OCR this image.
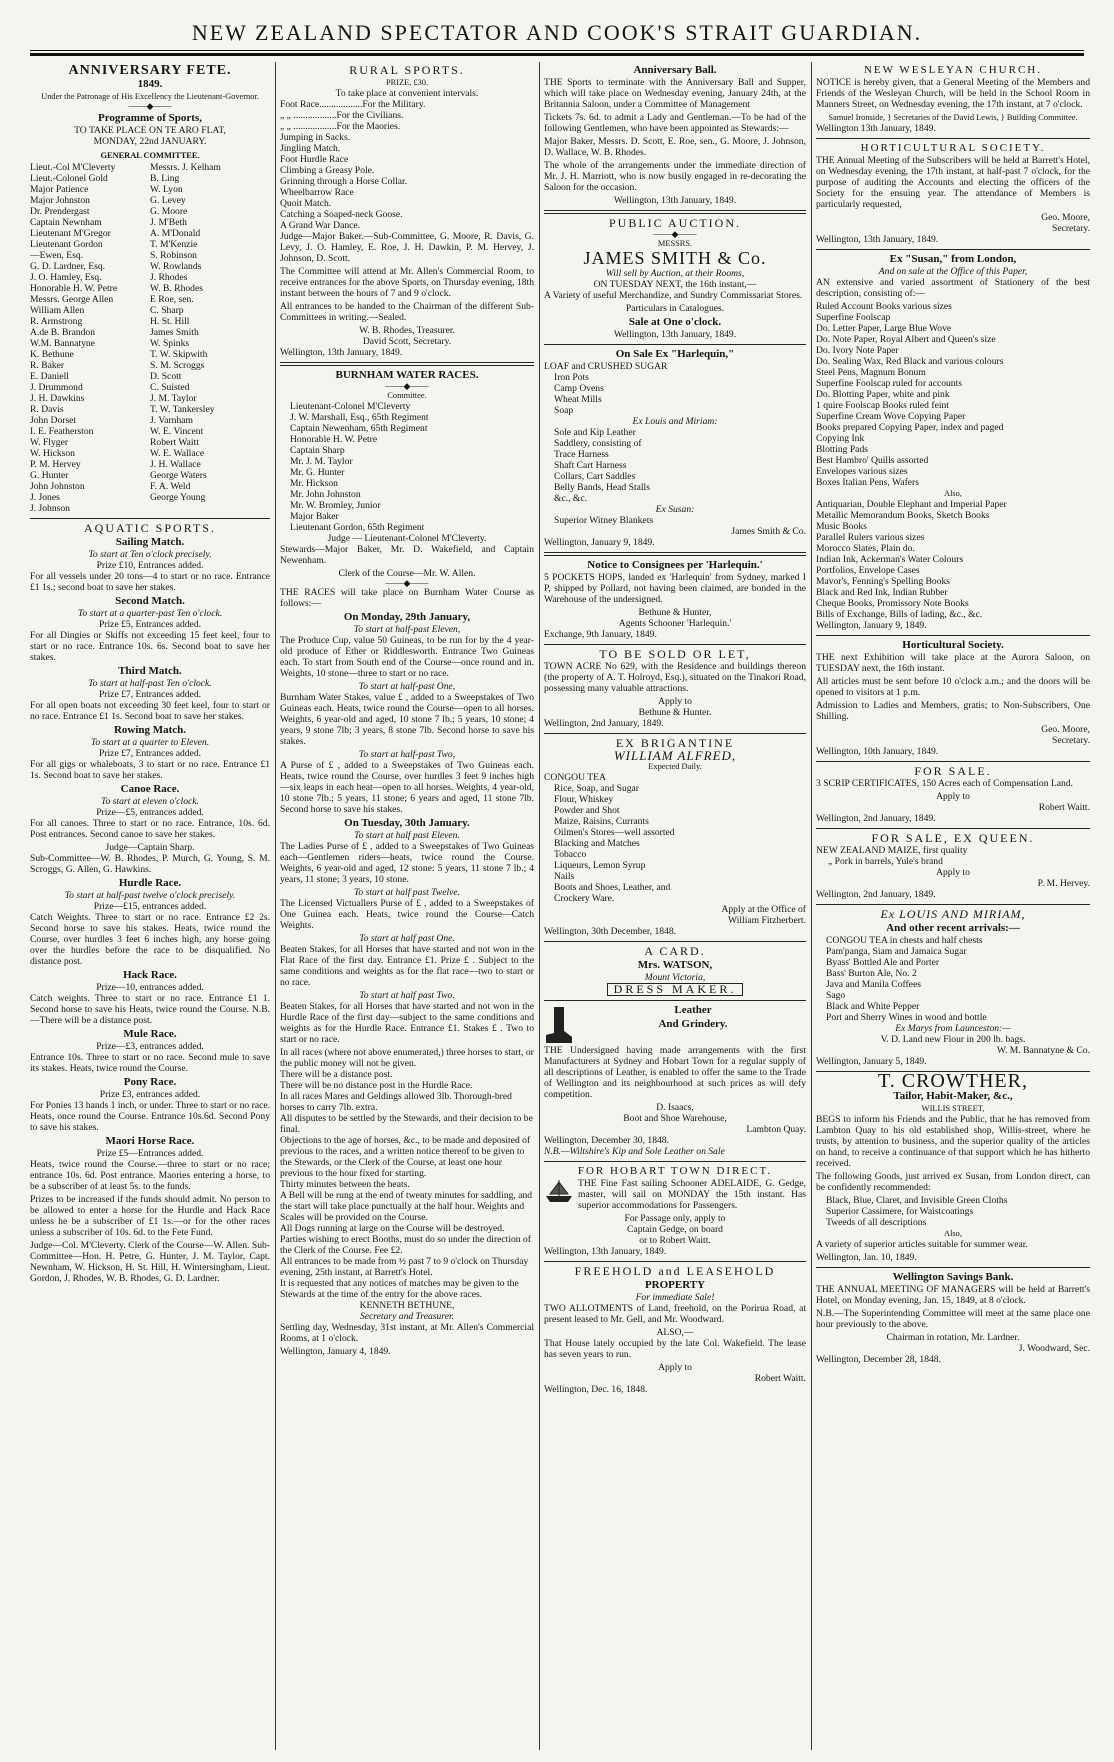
NEW ZEALAND SPECTATOR AND COOK'S STRAIT GUARDIAN.
ANNIVERSARY FETE.
1849.
Under the Patronage of His Excellency the Lieutenant-Governor.
——◆——
Programme of Sports,
TO TAKE PLACE ON TE ARO FLAT,
MONDAY, 22nd JANUARY.
GENERAL COMMITTEE.
Lieut.-Col M'Cleverty
Lieut.-Colonel Gold
Major Patience
Major Johnston
Dr. Prendergast
Captain Newnham
Lieutenant M'Gregor
Lieutenant Gordon
—Ewen, Esq.
G. D. Lardner, Esq.
J. O. Hamley, Esq.
Honorable H. W. Petre
Messrs. George Allen
William Allen
R. Armstrong
A.de B. Brandon
W.M. Bannatyne
K. Bethune
R. Baker
E. Daniell
J. Drummond
J. H. Dawkins
R. Davis
John Dorset
I. E. Featherston
W. Flyger
W. Hickson
P. M. Hervey
G. Hunter
John Johnston
J. Jones
J. Johnson
Messrs. J. Kelham
B. Ling
W. Lyon
G. Levey
G. Moore
J. M'Beth
A. M'Donald
T. M'Kenzie
S. Robinson
W. Rowlands
J. Rhodes
W. B. Rhodes
E Roe, sen.
C. Sharp
H. St. Hill
James Smith
W. Spinks
T. W. Skipwith
S. M. Scroggs
D. Scott
C. Suisted
J. M. Taylor
T. W. Tankersley
J. Varnham
W. E. Vincent
Robert Waitt
W. E. Wallace
J. H. Wallace
George Waters
F. A. Weld
George Young
AQUATIC SPORTS.
Sailing Match.
To start at Ten o'clock precisely.
Prize £10, Entrances added.

For all vessels under 20 tons—4 to start or no race. Entrance £1 1s.; second boat to save her stakes.

Second Match.
To start at a quarter-past Ten o'clock.
Prize £5, Entrances added.

For all Dingies or Skiffs not exceeding 15 feet keel, four to start or no race. Entrance 10s. 6s. Second boat to save her stakes.

Third Match.
To start at half-past Ten o'clock.
Prize £7, Entrances added.

For all open boats not exceeding 30 feet keel, four to start or no race. Entrance £1 1s. Second boat to save her stakes.

Rowing Match.
To start at a quarter to Eleven.
Prize £7, Entrances added.

For all gigs or whaleboats, 3 to start or no race. Entrance £1 1s. Second boat to save her stakes.

Canoe Race.
To start at eleven o'clock.
Prize—£5, entrances added.

For all canoes. Three to start or no race. Entrance, 10s. 6d. Post entrances. Second canoe to save her stakes.

Judge—Captain Sharp.

Sub-Committee—W. B. Rhodes, P. Murch, G. Young, S. M. Scroggs, G. Allen, G. Hawkins.

Hurdle Race.
To start at half-past twelve o'clock precisely.
Prize—£15, entrances added.

Catch Weights. Three to start or no race. Entrance £2 2s. Second horse to save his stakes. Heats, twice round the Course, over hurdles 3 feet 6 inches high, any horse going over the hurdles before the race to be disqualified. No distance post.

Hack Race.
Prize—10, entrances added.

Catch weights. Three to start or no race. Entrance £1 1. Second horse to save his Heats, twice round the Course. N.B.—There will be a distance post.

Mule Race.
Prize—£3, entrances added.

Entrance 10s. Three to start or no race. Second mule to save its stakes. Heats, twice round the Course.

Pony Race.
Prize £3, entrances added.

For Ponies 13 hands 1 inch, or under. Three to start or no race. Heats, once round the Course. Entrance 10s.6d. Second Pony to save his stakes.

Maori Horse Race.
Prize £5—Entrances added.

Heats, twice round the Course.—three to start or no race; entrance 10s. 6d. Post entrance. Maories entering a horse, to be a subscriber of at least 5s. to the funds.

Prizes to be increased if the funds should admit. No person to be allowed to enter a horse for the Hurdle and Hack Race unless he be a subscriber of £1 1s.—or for the other races unless a subscriber of 10s. 6d. to the Fete Fund.

Judge—Col. M'Cleverty. Clerk of the Course—W. Allen. Sub-Committee—Hon. H. Petre, G. Hunter, J. M. Taylor, Capt. Newnham, W. Hickson, H. St. Hill, H. Wintersingham, Lieut. Gordon, J. Rhodes, W. B. Rhodes, G. D. Lardner.

RURAL SPORTS.
PRIZE, £30.
To take place at convenient intervals.
Foot Race..................For the Military.
„ „ ..................For the Civilians.
„ „ ..................For the Maories.
Jumping in Sacks.
Jingling Match.
Foot Hurdle Race
Climbing a Greasy Pole.
Grinning through a Horse Collar.
Wheelbarrow Race
Quoit Match.
Catching a Soaped-neck Goose.
A Grand War Dance.

Judge—Major Baker.—Sub-Committee, G. Moore, R. Davis, G. Levy, J. O. Hamley, E. Roe, J. H. Dawkin, P. M. Hervey, J. Johnson, D. Scott.

The Committee will attend at Mr. Allen's Commercial Room, to receive entrances for the above Sports, on Thursday evening, 18th instant between the hours of 7 and 9 o'clock.

All entrances to be handed to the Chairman of the different Sub-Committees in writing.—Sealed.

W. B. Rhodes, Treasurer.
David Scott, Secretary.
Wellington, 13th January, 1849.
BURNHAM WATER RACES.
——◆——
Committee.
Lieutenant-Colonel M'Cleverty
J. W. Marshall, Esq., 65th Regiment
Captain Newenham, 65th Regiment
Honorable H. W. Petre
Captain Sharp
Mr. J. M. Taylor
Mr. G. Hunter
Mr. Hickson
Mr. John Johnston
Mr. W. Bromley, Junior
Major Baker
Lieutenant Gordon, 65th Regiment
Judge — Lieutenant-Colonel M'Cleverty.

Stewards—Major Baker, Mr. D. Wakefield, and Captain Newenham.

Clerk of the Course—Mr. W. Allen.
——◆——

THE RACES will take place on Burnham Water Course as follows:—

On Monday, 29th January,
To start at half-past Eleven,

The Produce Cup, value 50 Guineas, to be run for by the 4 year-old produce of Ether or Riddlesworth. Entrance Two Guineas each. To start from South end of the Course—once round and in. Weights, 10 stone—three to start or no race.

To start at half-past One,

Burnham Water Stakes, value £ , added to a Sweepstakes of Two Guineas each. Heats, twice round the Course—open to all horses. Weights, 6 year-old and aged, 10 stone 7 lb.; 5 years, 10 stone; 4 years, 9 stone 7lb; 3 years, 8 stone 7lb. Second horse to save his stakes.

To start at half-past Two,

A Purse of £ , added to a Sweepstakes of Two Guineas each. Heats, twice round the Course, over hurdles 3 feet 9 inches high—six leaps in each heat—open to all horses. Weights, 4 year-old, 10 stone 7lb.; 5 years, 11 stone; 6 years and aged, 11 stone 7lb. Second horse to save his stakes.

On Tuesday, 30th January.
To start at half past Eleven.

The Ladies Purse of £ , added to a Sweepstakes of Two Guineas each—Gentlemen riders—heats, twice round the Course. Weights, 6 year-old and aged, 12 stone: 5 years, 11 stone 7 lb.; 4 years, 11 stone; 3 years, 10 stone.

To start at half past Twelve.

The Licensed Victuallers Purse of £ , added to a Sweepstakes of One Guinea each. Heats, twice round the Course—Catch Weights.

To start at half past One.

Beaten Stakes, for all Horses that have started and not won in the Flat Race of the first day. Entrance £1. Prize £ . Subject to the same conditions and weights as for the flat race—two to start or no race.

To start at half past Two.

Beaten Stakes, for all Horses that have started and not won in the Hurdle Race of the first day—subject to the same conditions and weights as for the Hurdle Race. Entrance £1. Stakes £ . Two to start or no race.

In all races (where not above enumerated,) three horses to start, or the public money will not be given.
There will be a distance post.
There will be no distance post in the Hurdle Race.
In all races Mares and Geldings allowed 3lb. Thorough-bred horses to carry 7lb. extra.
All disputes to be settled by the Stewards, and their decision to be final.
Objections to the age of horses, &c., to be made and deposited of previous to the races, and a written notice thereof to be given to the Stewards, or the Clerk of the Course, at least one hour previous to the hour fixed for starting.
Thirty minutes between the heats.
A Bell will be rung at the end of twenty minutes for saddling, and the start will take place punctually at the half hour. Weights and Scales will be provided on the Course.
All Dogs running at large on the Course will be destroyed.
Parties wishing to erect Booths, must do so under the direction of the Clerk of the Course. Fee £2.
All entrances to be made from ½ past 7 to 9 o'clock on Thursday evening, 25th instant, at Barrett's Hotel.
It is requested that any notices of matches may be given to the Stewards at the time of the entry for the above races.
KENNETH BETHUNE,
Secretary and Treasurer.

Settling day, Wednesday, 31st instant, at Mr. Allen's Commercial Rooms, at 1 o'clock.

Wellington, January 4, 1849.
Anniversary Ball.

THE Sports to terminate with the Anniversary Ball and Supper, which will take place on Wednesday evening, January 24th, at the Britannia Saloon, under a Committee of Management

Tickets 7s. 6d. to admit a Lady and Gentleman.—To be had of the following Gentlemen, who have been appointed as Stewards:—

Major Baker, Messrs. D. Scott, E. Roe, sen., G. Moore, J. Johnson, D. Wallace, W. B. Rhodes.

The whole of the arrangements under the immediate direction of Mr. J. H. Marriott, who is now busily engaged in re-decorating the Saloon for the occasion.

Wellington, 13th January, 1849.
PUBLIC AUCTION.
——◆——
MESSRS.
JAMES SMITH & Co.
Will sell by Auction, at their Rooms,
ON TUESDAY NEXT, the 16th instant,—

A Variety of useful Merchandize, and Sundry Commissariat Stores.

Particulars in Catalogues.
Sale at One o'clock.
Wellington, 13th January, 1849.
On Sale Ex "Harlequin,"
LOAF and CRUSHED SUGAR
Iron Pots
Camp Ovens
Wheat Mills
Soap
Ex Louis and Miriam:
Sole and Kip Leather
Saddlery, consisting of
Trace Harness
Shaft Cart Harness
Collars, Cart Saddles
Belly Bands, Head Stalls
&c., &c.
Ex Susan:
Superior Witney Blankets
James Smith & Co.
Wellington, January 9, 1849.
Notice to Consignees per 'Harlequin.'

5 POCKETS HOPS, landed ex 'Harlequin' from Sydney, marked I P, shipped by Pollard, not having been claimed, are bonded in the Warehouse of the undersigned.

Bethune & Hunter,
Agents Schooner 'Harlequin.'
Exchange, 9th January, 1849.
TO BE SOLD OR LET,

TOWN ACRE No 629, with the Residence and buildings thereon (the property of A. T. Holroyd, Esq.), situated on the Tinakori Road, possessing many valuable attractions.

Apply to
Bethune & Hunter.
Wellington, 2nd January, 1849.
EX BRIGANTINE
WILLIAM ALFRED,
Expected Daily.
CONGOU TEA
Rice, Soap, and Sugar
Flour, Whiskey
Powder and Shot
Maize, Raisins, Currants
Oilmen's Stores—well assorted
Blacking and Matches
Tobacco
Liqueurs, Lemon Syrup
Nails
Boots and Shoes, Leather, and
Crockery Ware.
Apply at the Office of
William Fitzherbert.
Wellington, 30th December, 1848.
A CARD.
Mrs. WATSON,
Mount Victoria,
DRESS MAKER.
Leather
And Grindery.

THE Undersigned having made arrangements with the first Manufacturers at Sydney and Hobart Town for a regular supply of all descriptions of Leather, is enabled to offer the same to the Trade of Wellington and its neighbourhood at such prices as will defy competition.

D. Isaacs,
Boot and Shoe Warehouse,
Lambton Quay.
Wellington, December 30, 1848.
N.B.—Wiltshire's Kip and Sole Leather on Sale
FOR HOBART TOWN DIRECT.

THE Fine Fast sailing Schooner ADELAIDE, G. Gedge, master, will sail on MONDAY the 15th instant. Has superior accommodations for Passengers.

For Passage only, apply to
Captain Gedge, on board
or to Robert Waitt.
Wellington, 13th January, 1849.
FREEHOLD and LEASEHOLD
PROPERTY
For immediate Sale!

TWO ALLOTMENTS of Land, freehold, on the Porirua Road, at present leased to Mr. Gell, and Mr. Woodward.

ALSO,—

That House lately occupied by the late Col. Wakefield. The lease has seven years to run.

Apply to
Robert Waitt.
Wellington, Dec. 16, 1848.
NEW WESLEYAN CHURCH.

NOTICE is hereby given, that a General Meeting of the Members and Friends of the Wesleyan Church, will be held in the School Room in Manners Street, on Wednesday evening, the 17th instant, at 7 o'clock.

Samuel Ironside, } Secretaries of the David Lewis, } Building Committee.
Wellington 13th January, 1849.
HORTICULTURAL SOCIETY.

THE Annual Meeting of the Subscribers will be held at Barrett's Hotel, on Wednesday evening, the 17th instant, at half-past 7 o'clock, for the purpose of auditing the Accounts and electing the officers of the Society for the ensuing year. The attendance of Members is particularly requested,

Geo. Moore,
Secretary.
Wellington, 13th January, 1849.
Ex "Susan," from London,
And on sale at the Office of this Paper,

AN extensive and varied assortment of Stationery of the best description, consisting of:—

Ruled Account Books various sizes
Superfine Foolscap
Do. Letter Paper, Large Blue Wove
Do. Note Paper, Royal Albert and Queen's size
Do. Ivory Note Paper
Do. Sealing Wax, Red Black and various colours
Steel Pens, Magnum Bonum
Superfine Foolscap ruled for accounts
Do. Blotting Paper, white and pink
1 quire Foolscap Books ruled feint
Superfine Cream Wove Copying Paper
Books prepared Copying Paper, index and paged
Copying Ink
Blotting Pads
Best Hambro' Quills assorted
Envelopes various sizes
Boxes Italian Pens, Wafers
Also,
Antiquarian, Double Elephant and Imperial Paper
Metallic Memorandum Books, Sketch Books
Music Books
Parallel Rulers various sizes
Morocco Slates, Plain do.
Indian Ink, Ackerman's Water Colours
Portfolios, Envelope Cases
Mavor's, Fenning's Spelling Books
Black and Red Ink, Indian Rubber
Cheque Books, Promissory Note Books
Bills of Exchange, Bills of lading, &c., &c.
Wellington, January 9, 1849.
Horticultural Society.

THE next Exhibition will take place at the Aurora Saloon, on TUESDAY next, the 16th instant.

All articles must be sent before 10 o'clock a.m.; and the doors will be opened to visitors at 1 p.m.

Admission to Ladies and Members, gratis; to Non-Subscribers, One Shilling.

Geo. Moore,
Secretary.
Wellington, 10th January, 1849.
FOR SALE.

3 SCRIP CERTIFICATES, 150 Acres each of Compensation Land.

Apply to
Robert Waitt.
Wellington, 2nd January, 1849.
FOR SALE, EX QUEEN.
NEW ZEALAND MAIZE, first quality
„ Pork in barrels, Yule's brand
Apply to
P. M. Hervey.
Wellington, 2nd January, 1849.
Ex LOUIS AND MIRIAM,
And other recent arrivals:—
CONGOU TEA in chests and half chests
Pam'panga, Siam and Jamaica Sugar
Byass' Bottled Ale and Porter
Bass' Burton Ale, No. 2
Java and Manila Coffees
Sago
Black and White Pepper
Port and Sherry Wines in wood and bottle
Ex Marys from Launceston:—
V. D. Land new Flour in 200 lb. bags.
W. M. Bannatyne & Co.
Wellington, January 5, 1849.
T. CROWTHER,
Tailor, Habit-Maker, &c.,
WILLIS STREET,

BEGS to inform his Friends and the Public, that he has removed from Lambton Quay to his old established shop, Willis-street, where he trusts, by attention to business, and the superior quality of the articles on hand, to receive a continuance of that support which he has hitherto received.

The following Goods, just arrived ex Susan, from London direct, can be confidently recommended:

Black, Blue, Claret, and Invisible Green Cloths
Superior Cassimere, for Waistcoatings
Tweeds of all descriptions
Also,

A variety of superior articles suitable for summer wear.

Wellington, Jan. 10, 1849.
Wellington Savings Bank.

THE ANNUAL MEETING OF MANAGERS will be held at Barrett's Hotel, on Monday evening, Jan. 15, 1849, at 8 o'clock.

N.B.—The Superintending Committee will meet at the same place one hour previously to the above.

Chairman in rotation, Mr. Lardner.
J. Woodward, Sec.
Wellington, December 28, 1848.
